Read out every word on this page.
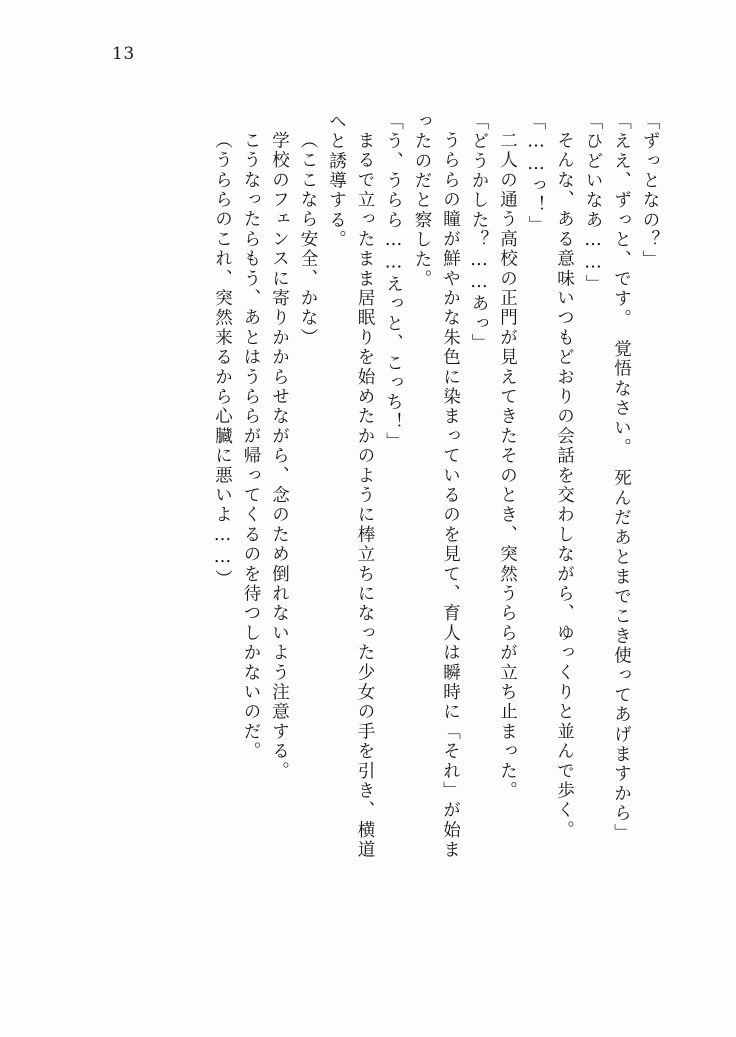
13
「ずっとなの？」
「ええ、ずっと、です。　覚悟なさい。　死んだあとまでこき使ってあげますから」
「ひどいなあ……」
そんな、ある意味いつもどおりの会話を交わしながら、ゆっくりと並んで歩く。
「……っ！」
二人の通う高校の正門が見えてきたそのとき、突然うららが立ち止まった。
「どうかした？……あっ」
うららの瞳が鮮やかな朱色に染まっているのを見て、育人は瞬時に「それ」が始ま
ったのだと察した。
「う、うらら……えっと、こっち！」
まるで立ったまま居眠りを始めたかのように棒立ちになった少女の手を引き、横道
へと誘導する。
（ここなら安全、かな）
学校のフェンスに寄りかからせながら、念のため倒れないよう注意する。
こうなったらもう、あとはうららが帰ってくるのを待つしかないのだ。
（うららのこれ、突然来るから心臓に悪いよ……）
